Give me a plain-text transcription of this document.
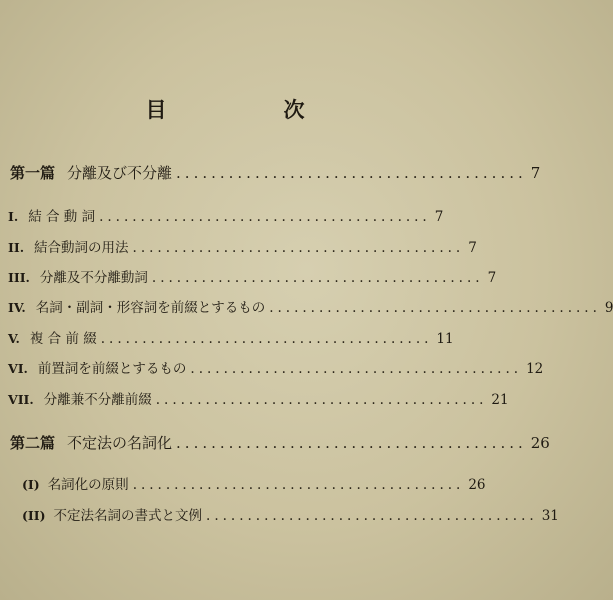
目　次
第一篇 分離及び不分離 ........................................ 7
I. 結 合 動 詞 ........................................ 7
II. 結合動詞の用法 ........................................ 7
III. 分離及不分離動詞 ........................................ 7
IV. 名詞・副詞・形容詞を前綴とするもの ........................................ 9
V. 複 合 前 綴 ........................................ 11
VI. 前置詞を前綴とするもの ........................................ 12
VII. 分離兼不分離前綴 ........................................ 21
第二篇 不定法の名詞化 ........................................ 26
(I) 名詞化の原則 ........................................ 26
(II) 不定法名詞の書式と文例 ........................................ 31
